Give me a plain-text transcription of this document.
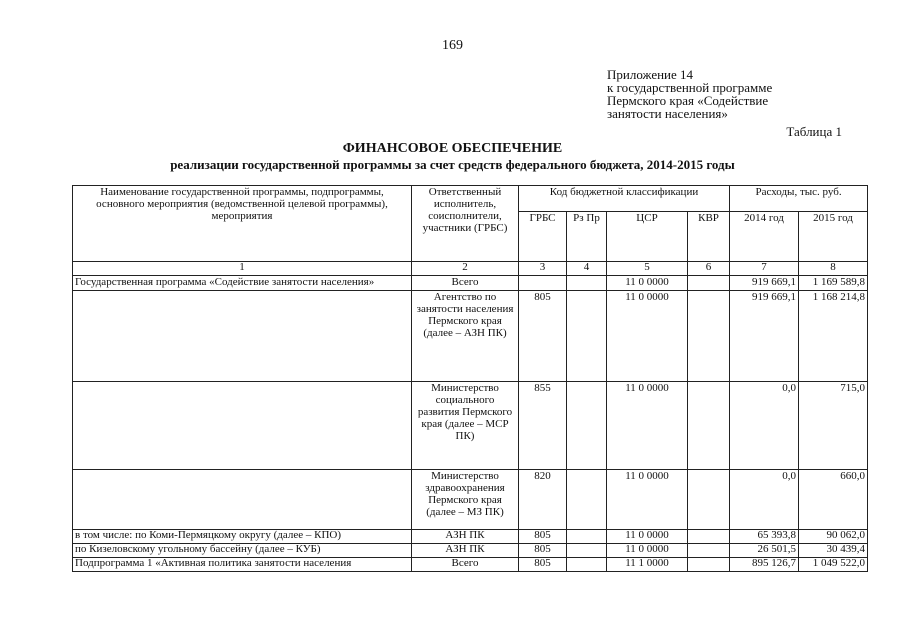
169
Приложение 14
к государственной программе
Пермского края «Содействие
занятости населения»
Таблица 1
ФИНАНСОВОЕ ОБЕСПЕЧЕНИЕ
реализации государственной программы за счет средств федерального бюджета, 2014-2015 годы
Наименование государственной программы, подпрограммы, основного мероприятия (ведомственной целевой программы), мероприятия	Ответственный исполнитель, соисполнители, участники (ГРБС)	Код бюджетной классификации				Расходы, тыс. руб.	
		ГРБС	Рз Пр	ЦСР	КВР	2014 год	2015 год
1	2	3	4	5	6	7	8
Государственная программа «Содействие занятости населения»	Всего			11 0 0000		919 669,1	1 169 589,8
	Агентство по занятости населения Пермского края (далее – АЗН ПК)	805		11 0 0000		919 669,1	1 168 214,8
	Министерство социального развития Пермского края (далее – МСР ПК)	855		11 0 0000		0,0	715,0
	Министерство здравоохранения Пермского края (далее – МЗ ПК)	820		11 0 0000		0,0	660,0
в том числе: по Коми-Пермяцкому округу (далее – КПО)	АЗН ПК	805		11 0 0000		65 393,8	90 062,0
по Кизеловскому угольному бассейну (далее – КУБ)	АЗН ПК	805		11 0 0000		26 501,5	30 439,4
Подпрограмма 1 «Активная политика занятости населения	Всего	805		11 1 0000		895 126,7	1 049 522,0
